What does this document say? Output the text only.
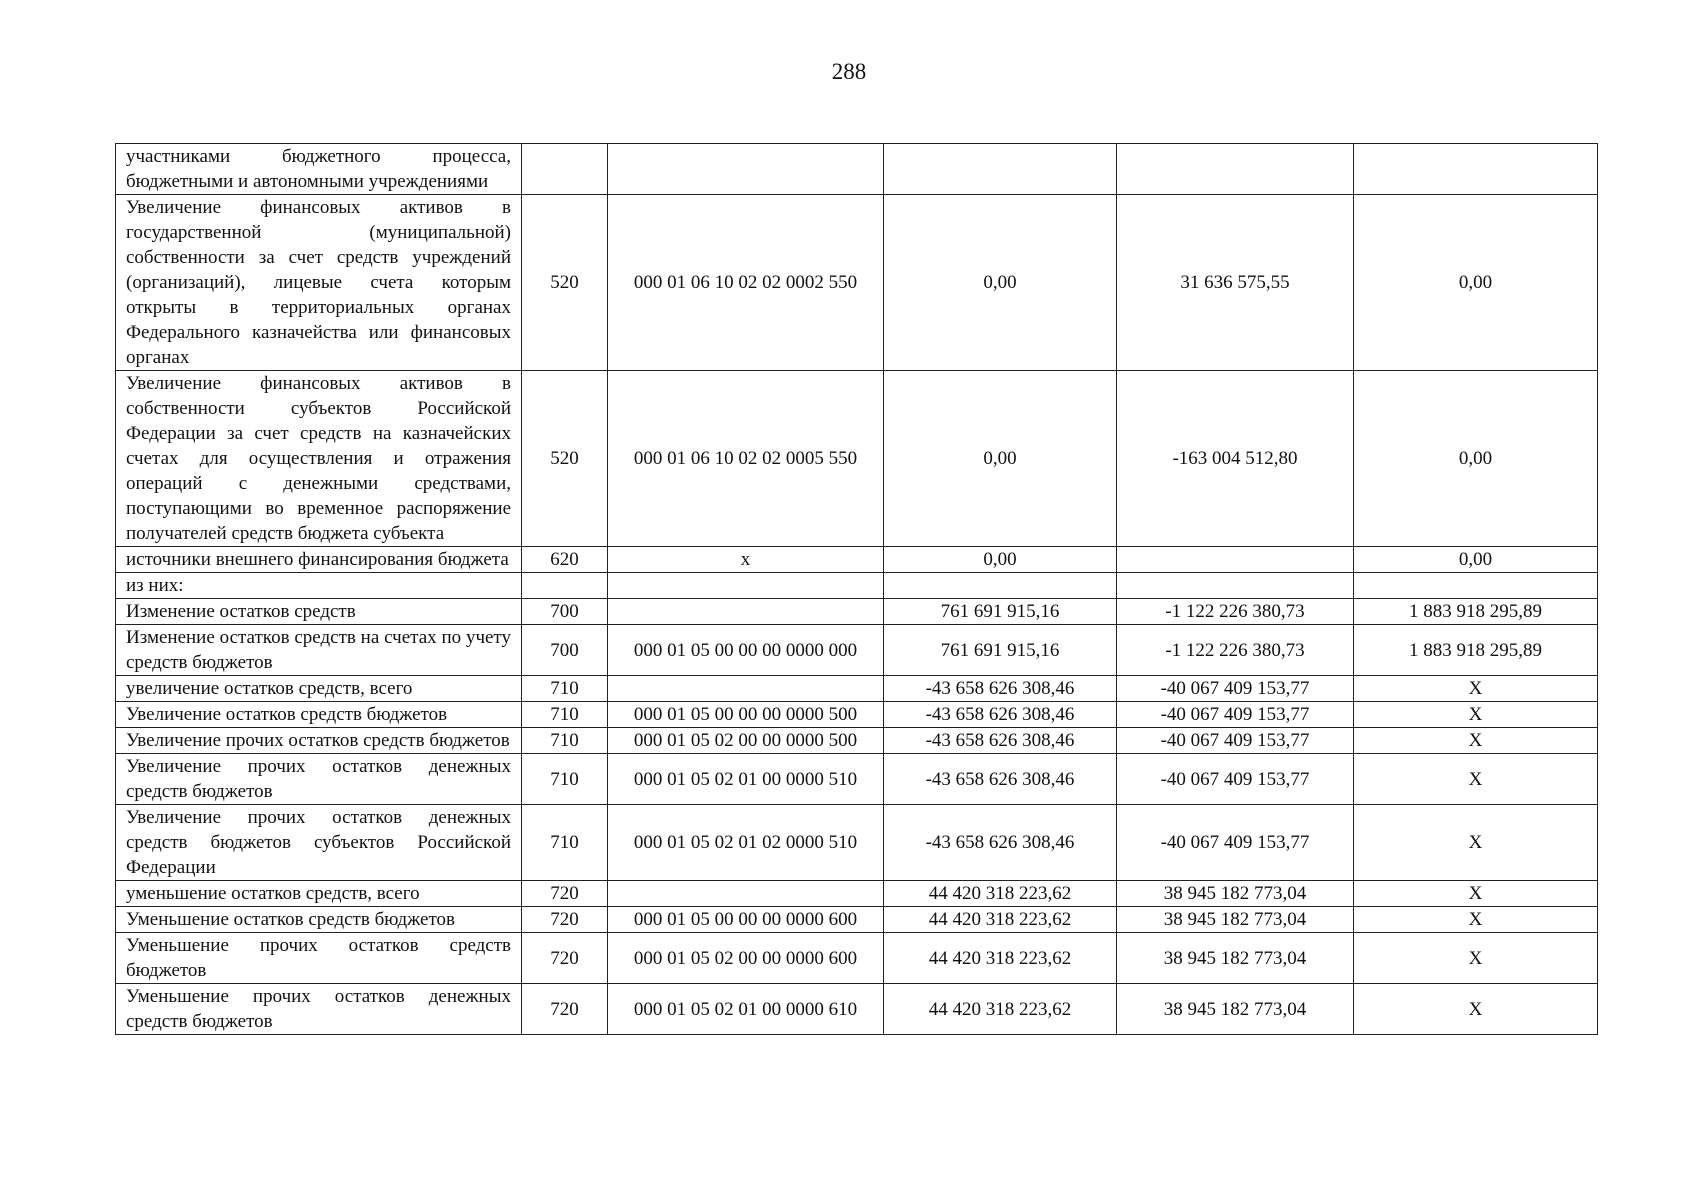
288
участниками бюджетного процесса, бюджетными и автономными учреждениями					
Увеличение финансовых активов в государственной (муниципальной) собственности за счет средств учреждений (организаций), лицевые счета которым открыты в территориальных органах Федерального казначейства или финансовых органах	520	000 01 06 10 02 02 0002 550	0,00	31 636 575,55	0,00
Увеличение финансовых активов в собственности субъектов Российской Федерации за счет средств на казначейских счетах для осуществления и отражения операций с денежными средствами, поступающими во временное распоряжение получателей средств бюджета субъекта	520	000 01 06 10 02 02 0005 550	0,00	-163 004 512,80	0,00
источники внешнего финансирования бюджета	620	x	0,00		0,00
из них:					
Изменение остатков средств	700		761 691 915,16	-1 122 226 380,73	1 883 918 295,89
Изменение остатков средств на счетах по учету средств бюджетов	700	000 01 05 00 00 00 0000 000	761 691 915,16	-1 122 226 380,73	1 883 918 295,89
увеличение остатков средств, всего	710		-43 658 626 308,46	-40 067 409 153,77	X
Увеличение остатков средств бюджетов	710	000 01 05 00 00 00 0000 500	-43 658 626 308,46	-40 067 409 153,77	X
Увеличение прочих остатков средств бюджетов	710	000 01 05 02 00 00 0000 500	-43 658 626 308,46	-40 067 409 153,77	X
Увеличение прочих остатков денежных средств бюджетов	710	000 01 05 02 01 00 0000 510	-43 658 626 308,46	-40 067 409 153,77	X
Увеличение прочих остатков денежных средств бюджетов субъектов Российской Федерации	710	000 01 05 02 01 02 0000 510	-43 658 626 308,46	-40 067 409 153,77	X
уменьшение остатков средств, всего	720		44 420 318 223,62	38 945 182 773,04	X
Уменьшение остатков средств бюджетов	720	000 01 05 00 00 00 0000 600	44 420 318 223,62	38 945 182 773,04	X
Уменьшение прочих остатков средств бюджетов	720	000 01 05 02 00 00 0000 600	44 420 318 223,62	38 945 182 773,04	X
Уменьшение прочих остатков денежных средств бюджетов	720	000 01 05 02 01 00 0000 610	44 420 318 223,62	38 945 182 773,04	X
